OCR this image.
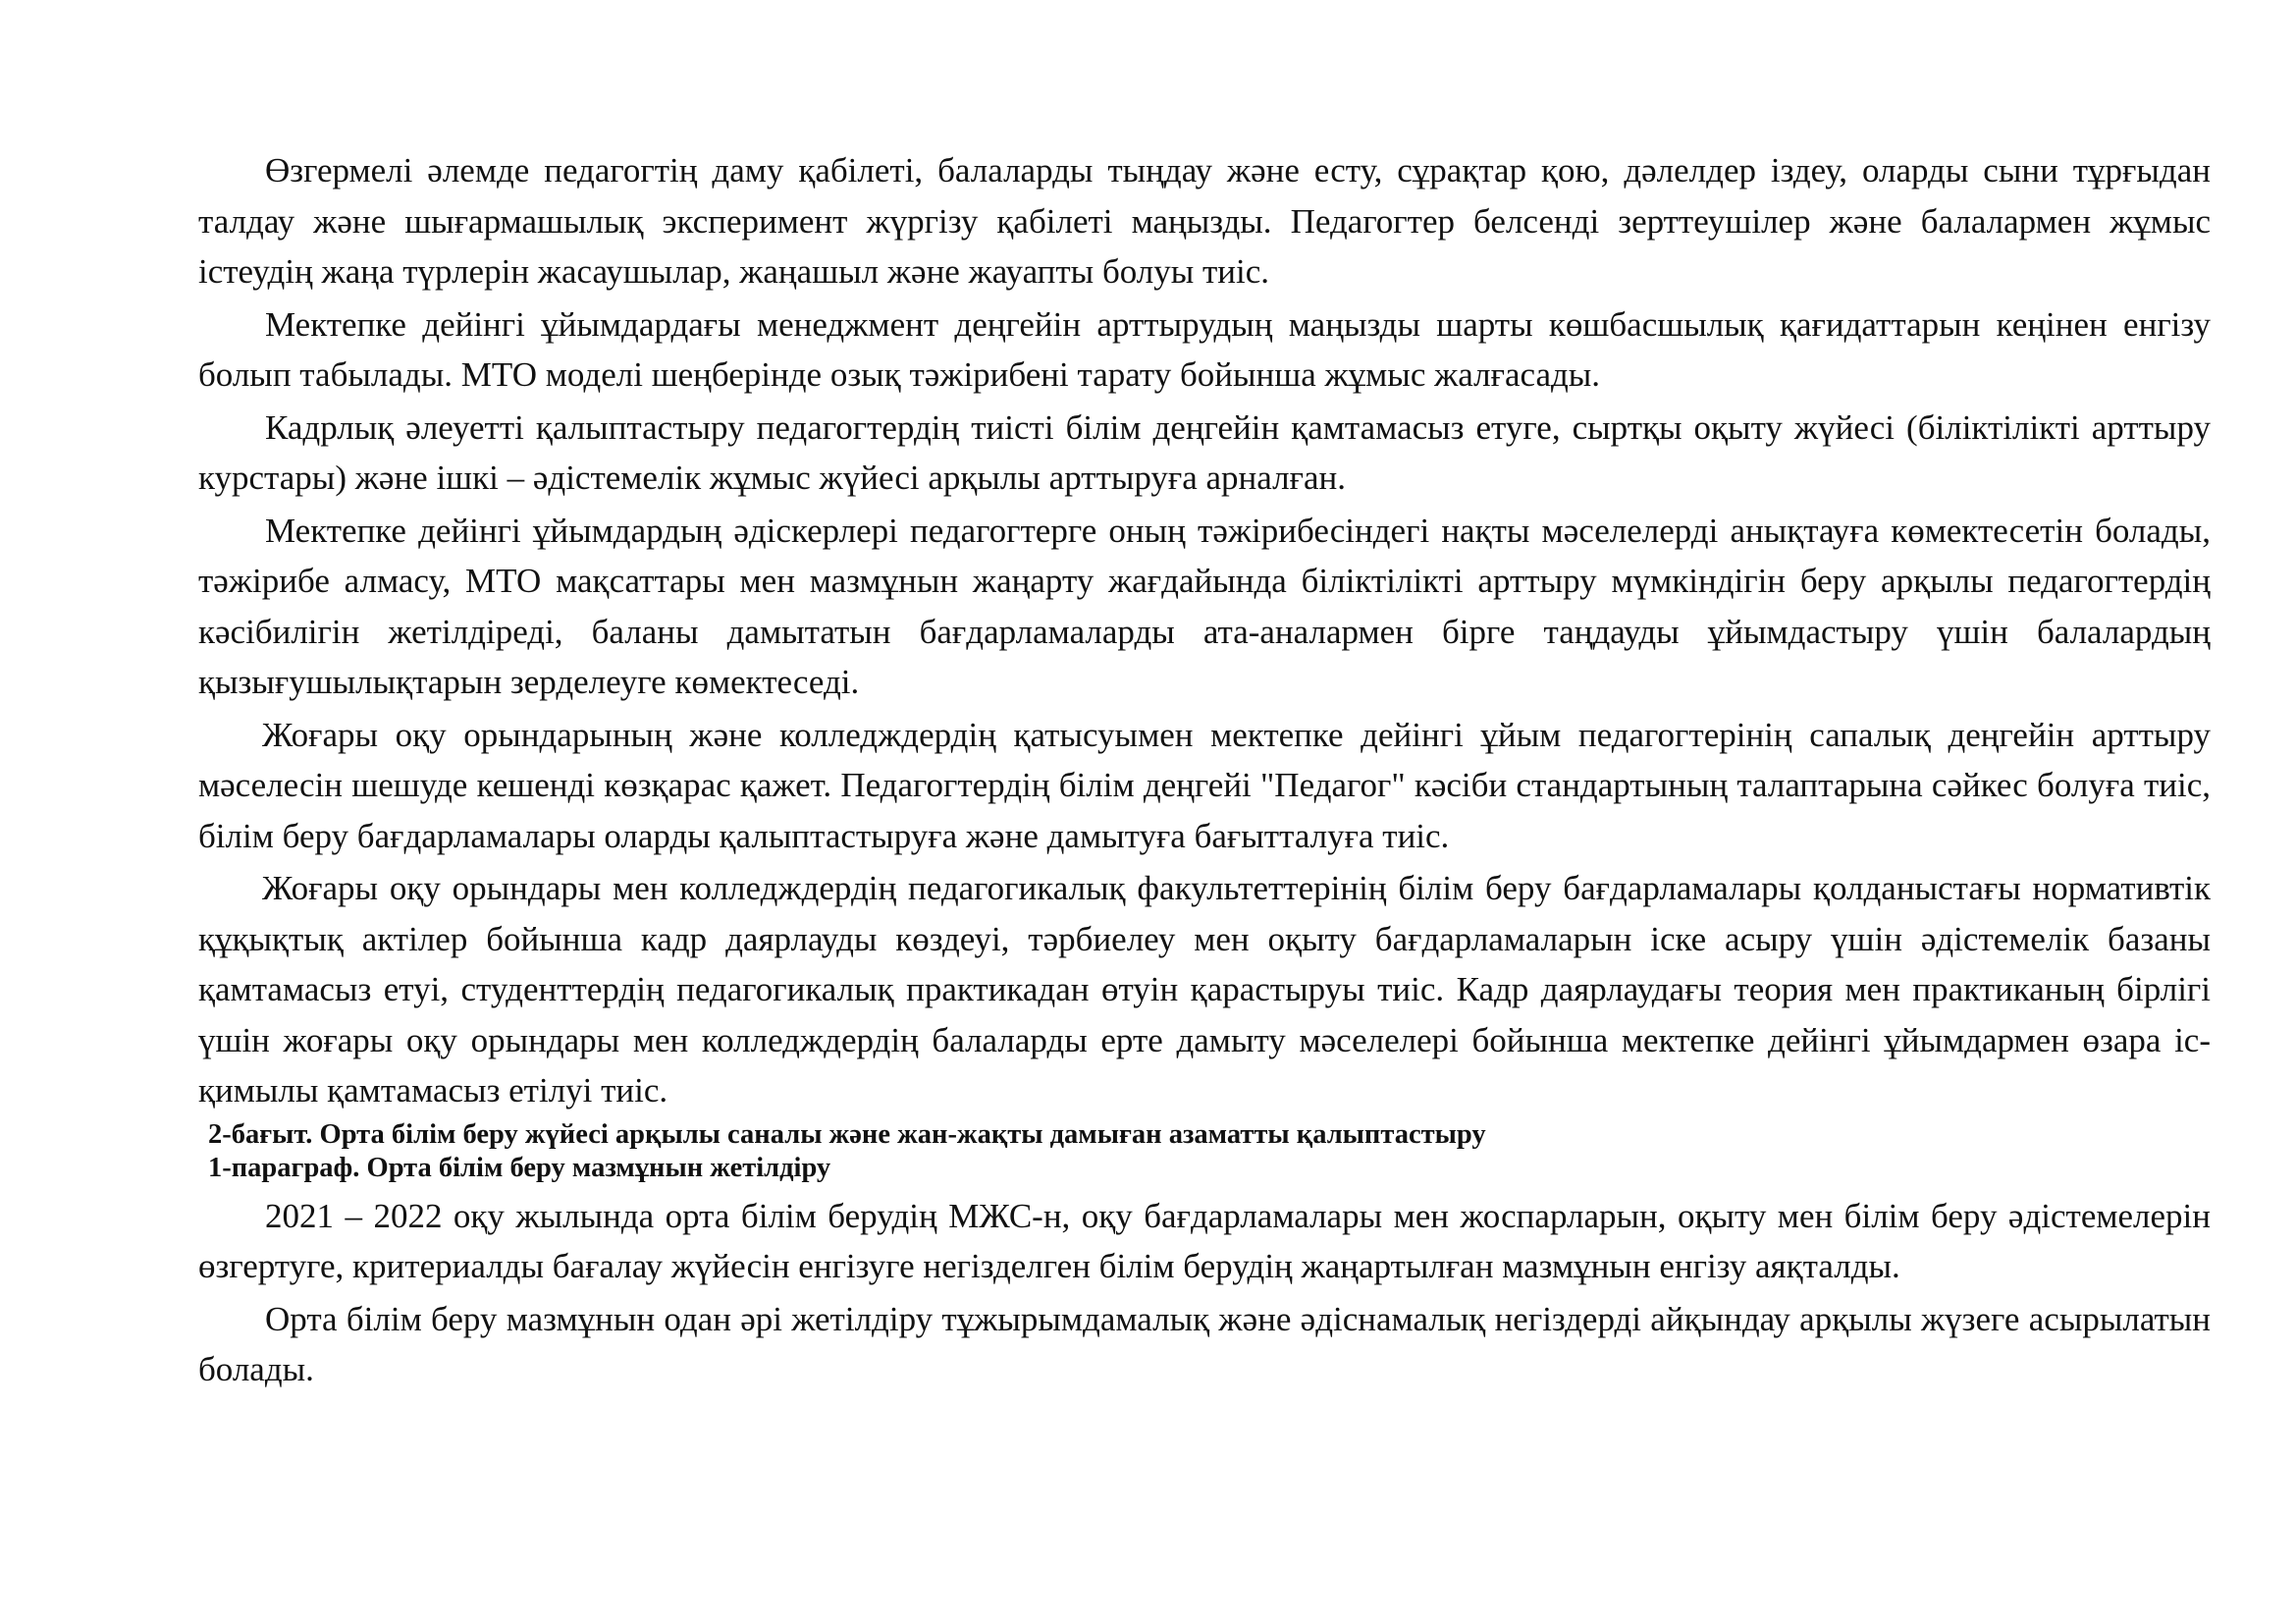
Өзгермелі әлемде педагогтің даму қабілеті, балаларды тыңдау және есту, сұрақтар қою, дәлелдер іздеу, оларды сыни тұрғыдан талдау және шығармашылық эксперимент жүргізу қабілеті маңызды. Педагогтер белсенді зерттеушілер және балалармен жұмыс істеудің жаңа түрлерін жасаушылар, жаңашыл және жауапты болуы тиіс.

Мектепке дейінгі ұйымдардағы менеджмент деңгейін арттырудың маңызды шарты көшбасшылық қағидаттарын кеңінен енгізу болып табылады. МТО моделі шеңберінде озық тәжірибені тарату бойынша жұмыс жалғасады.

Кадрлық әлеуетті қалыптастыру педагогтердің тиісті білім деңгейін қамтамасыз етуге, сыртқы оқыту жүйесі (біліктілікті арттыру курстары) және ішкі – әдістемелік жұмыс жүйесі арқылы арттыруға арналған.

Мектепке дейінгі ұйымдардың әдіскерлері педагогтерге оның тәжірибесіндегі нақты мәселелерді анықтауға көмектесетін болады, тәжірибе алмасу, МТО мақсаттары мен мазмұнын жаңарту жағдайында біліктілікті арттыру мүмкіндігін беру арқылы педагогтердің кәсібилігін жетілдіреді, баланы дамытатын бағдарламаларды ата-аналармен бірге таңдауды ұйымдастыру үшін балалардың қызығушылықтарын зерделеуге көмектеседі.

Жоғары оқу орындарының және колледждердің қатысуымен мектепке дейінгі ұйым педагогтерінің сапалық деңгейін арттыру мәселесін шешуде кешенді көзқарас қажет. Педагогтердің білім деңгейі "Педагог" кәсіби стандартының талаптарына сәйкес болуға тиіс, білім беру бағдарламалары оларды қалыптастыруға және дамытуға бағытталуға тиіс.

Жоғары оқу орындары мен колледждердің педагогикалық факультеттерінің білім беру бағдарламалары қолданыстағы нормативтік құқықтық актілер бойынша кадр даярлауды көздеуі, тәрбиелеу мен оқыту бағдарламаларын іске асыру үшін әдістемелік базаны қамтамасыз етуі, студенттердің педагогикалық практикадан өтуін қарастыруы тиіс. Кадр даярлаудағы теория мен практиканың бірлігі үшін жоғары оқу орындары мен колледждердің балаларды ерте дамыту мәселелері бойынша мектепке дейінгі ұйымдармен өзара іс-қимылы қамтамасыз етілуі тиіс.

2-бағыт. Орта білім беру жүйесі арқылы саналы және жан-жақты дамыған азаматты қалыптастыру
1-параграф. Орта білім беру мазмұнын жетілдіру

2021 – 2022 оқу жылында орта білім берудің МЖС-н, оқу бағдарламалары мен жоспарларын, оқыту мен білім беру әдістемелерін өзгертуге, критериалды бағалау жүйесін енгізуге негізделген білім берудің жаңартылған мазмұнын енгізу аяқталды.

Орта білім беру мазмұнын одан әрі жетілдіру тұжырымдамалық және әдіснамалық негіздерді айқындау арқылы жүзеге асырылатын болады.
